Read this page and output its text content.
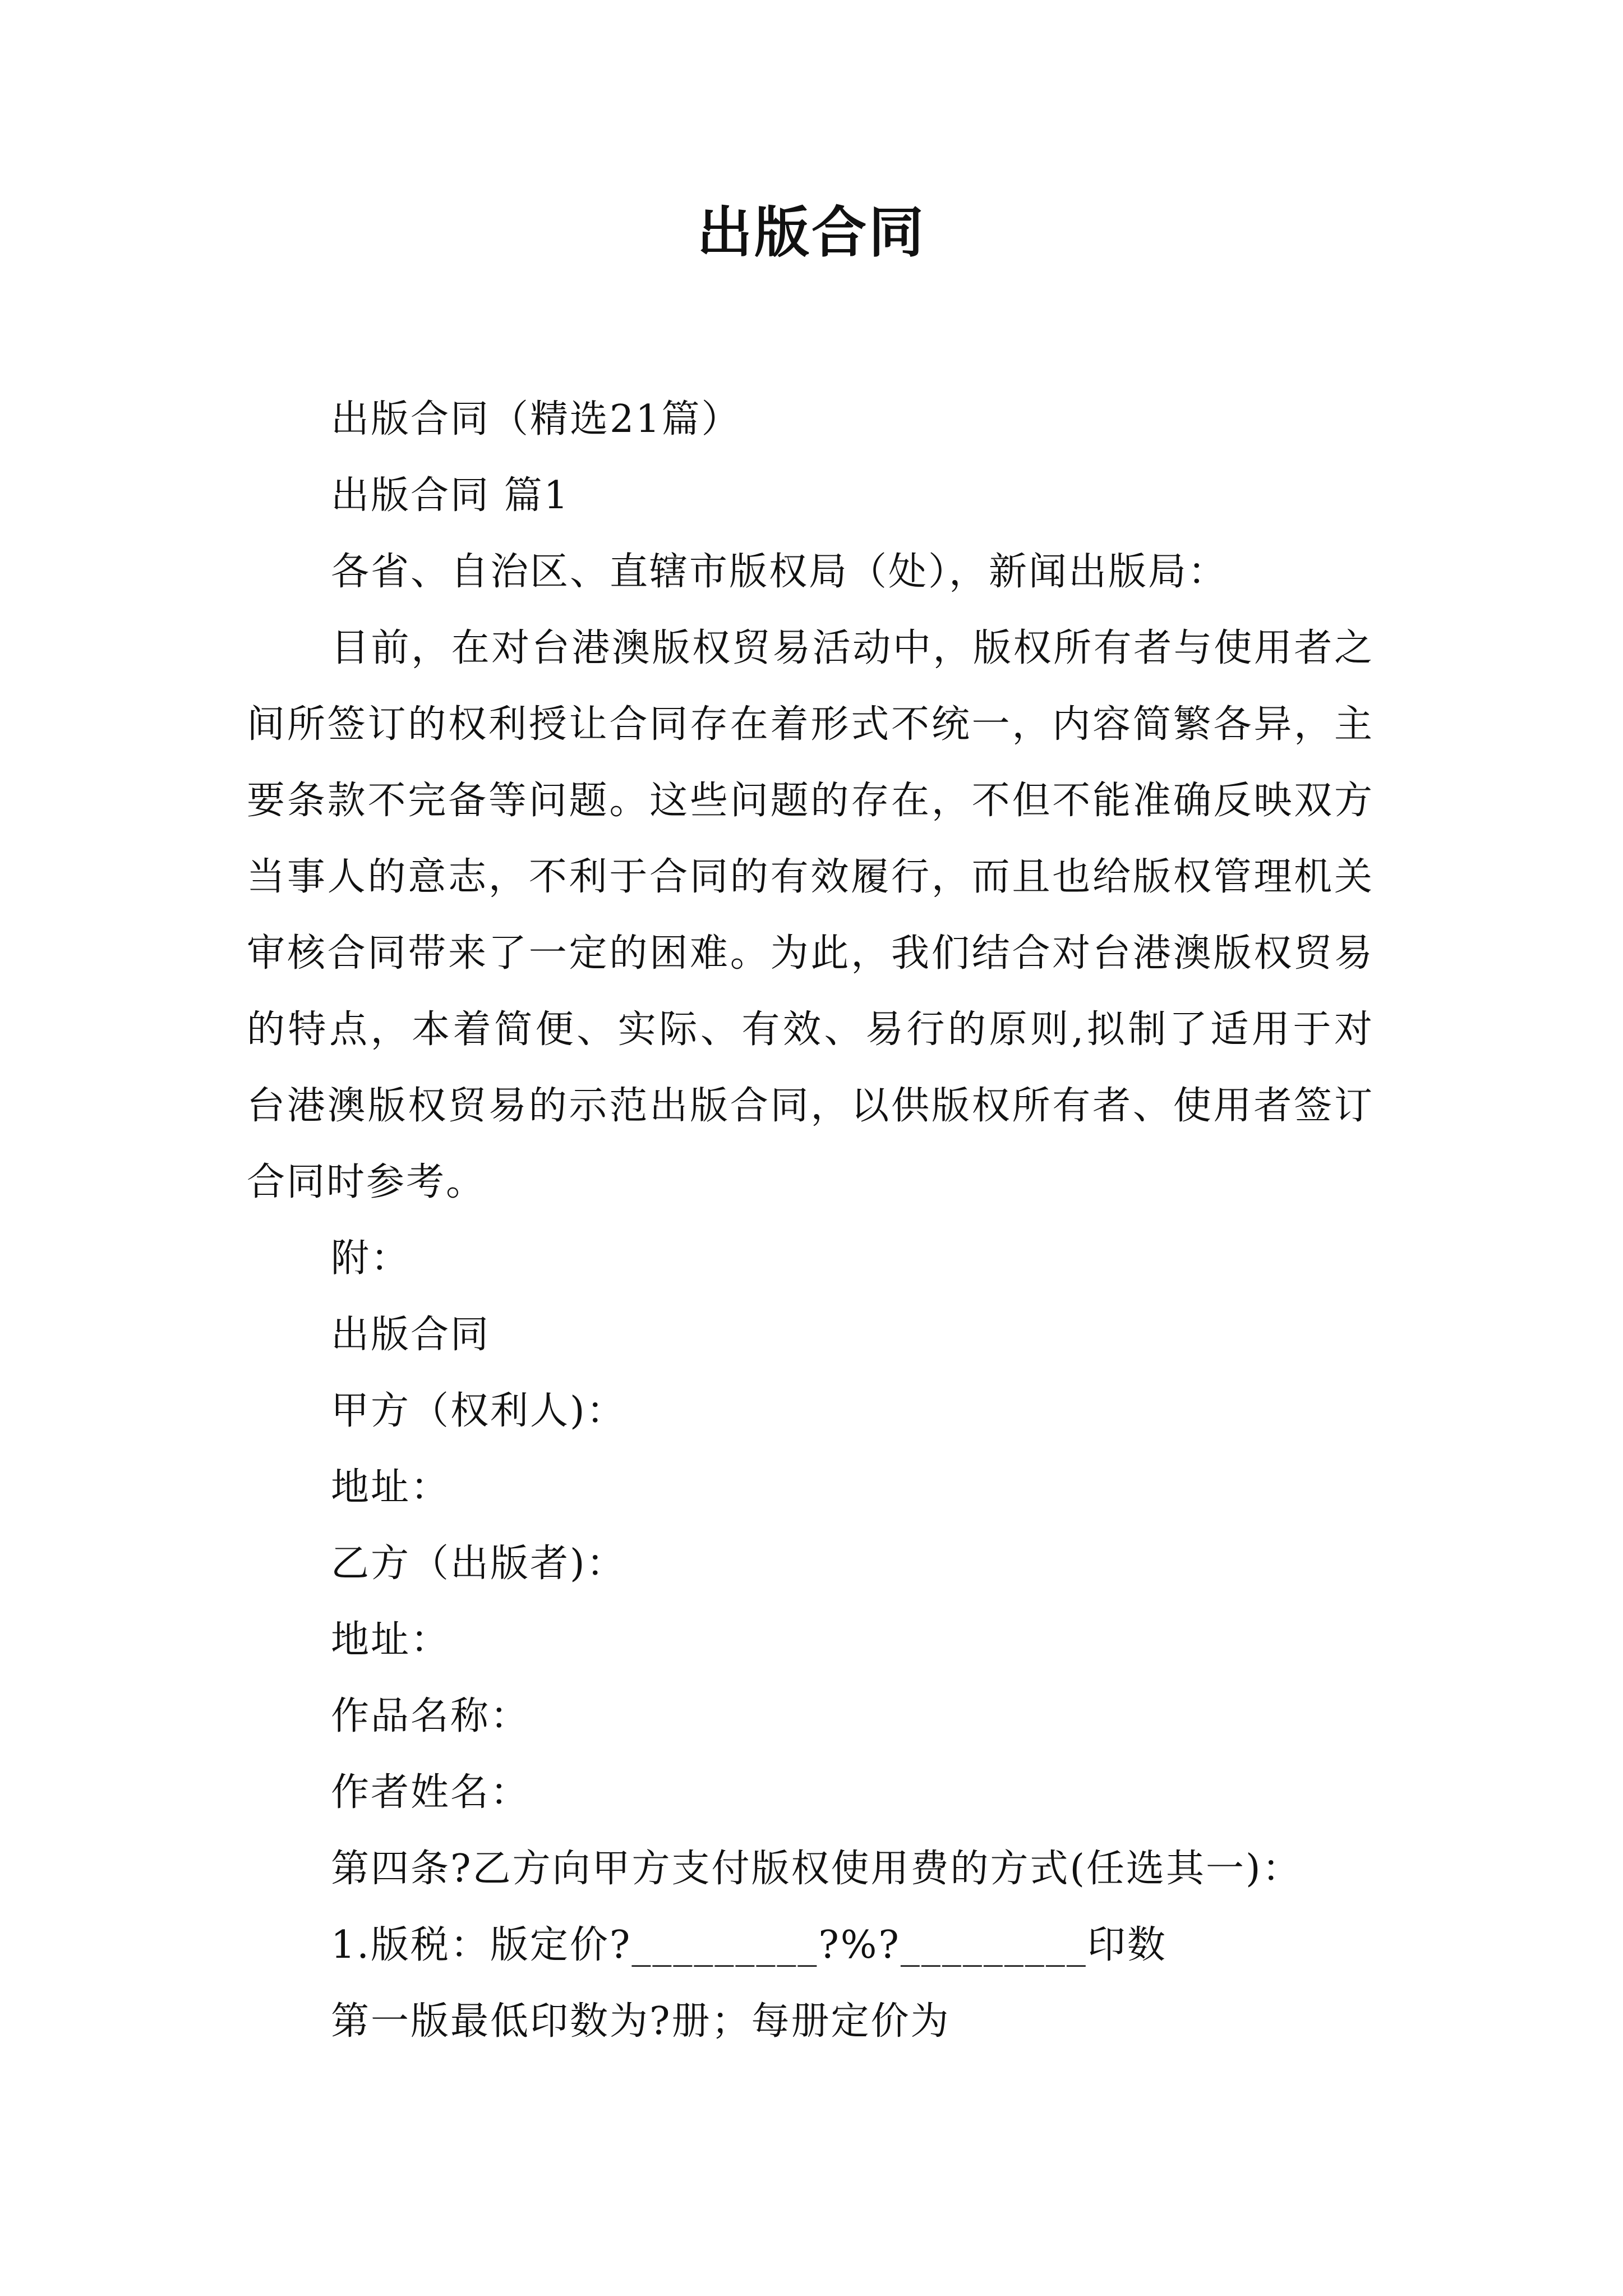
出版合同

出版合同（精选21篇）

出版合同 篇1

各省、自治区、直辖市版权局（处），新闻出版局：

目前，在对台港澳版权贸易活动中，版权所有者与使用者之间所签订的权利授让合同存在着形式不统一，内容简繁各异，主要条款不完备等问题。这些问题的存在，不但不能准确反映双方当事人的意志，不利于合同的有效履行，而且也给版权管理机关审核合同带来了一定的困难。为此，我们结合对台港澳版权贸易的特点，本着简便、实际、有效、易行的原则,拟制了适用于对台港澳版权贸易的示范出版合同，以供版权所有者、使用者签订合同时参考。

附：

出版合同

甲方（权利人)：

地址：

乙方（出版者)：

地址：

作品名称：

作者姓名：

第四条?乙方向甲方支付版权使用费的方式(任选其一)：

1.版税：版定价?_________?%?_________印数

第一版最低印数为?册；每册定价为
